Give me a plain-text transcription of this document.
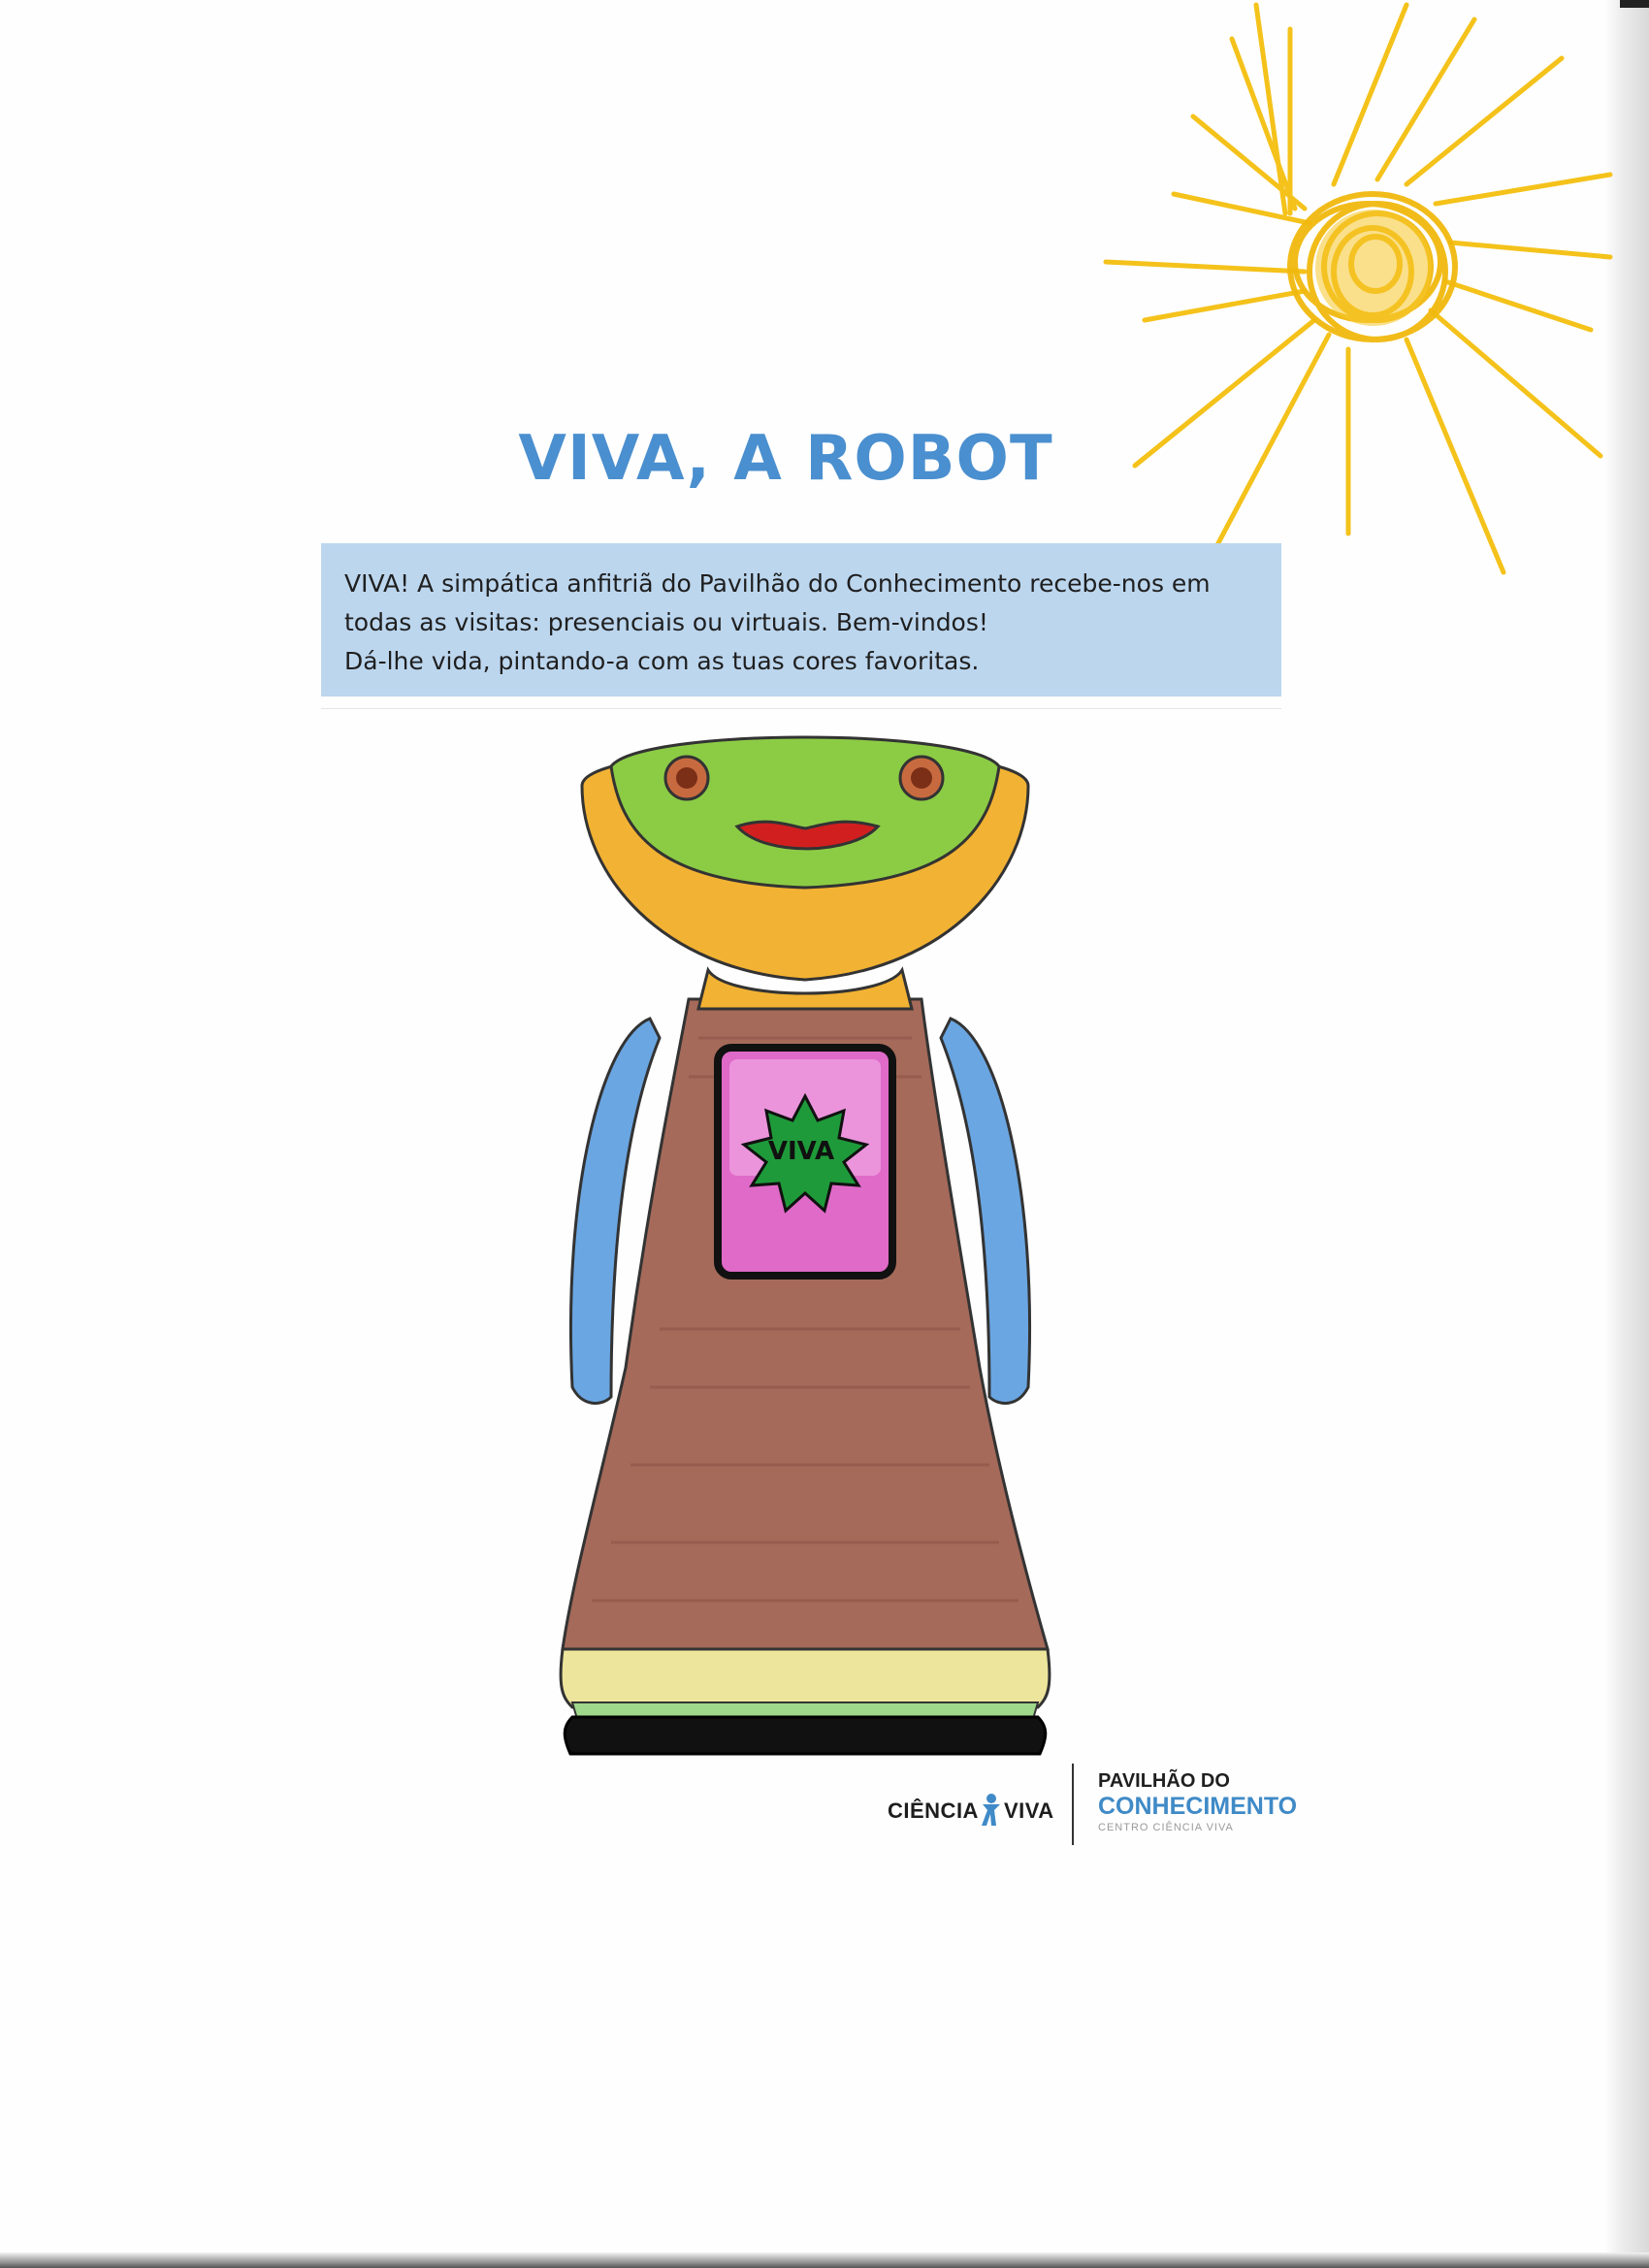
VIVA, A ROBOT

VIVA! A simpática anfitriã do Pavilhão do Conhecimento recebe-nos em

todas as visitas: presenciais ou virtuais. Bem-vindos!

Dá-lhe vida, pintando-a com as tuas cores favoritas.

VIVA

CIÊNCIA VIVA
PAVILHÃO DO
CONHECIMENTO
CENTRO CIÊNCIA VIVA
